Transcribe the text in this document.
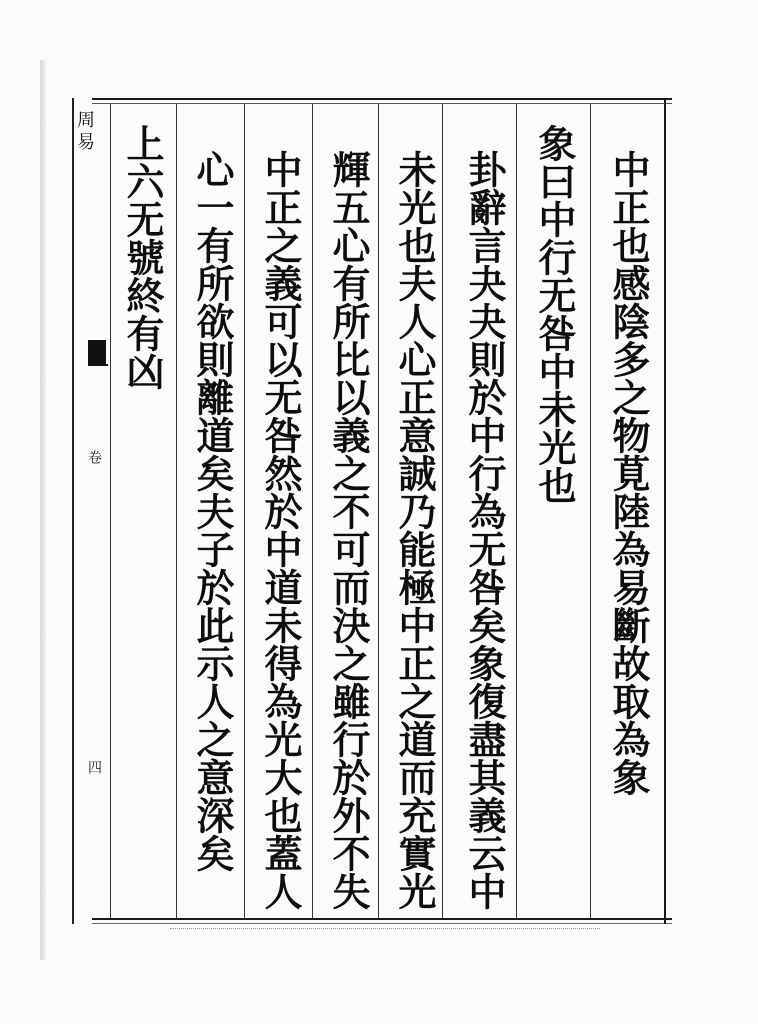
周易
卷
四	中正也感陰多之物莧陸為易斷故取為象
象曰中行无咎中未光也
卦辭言夬夬則於中行為无咎矣象復盡其義云中
未光也夫人心正意誠乃能極中正之道而充實光
輝五心有所比以義之不可而決之雖行於外不失
中正之義可以无咎然於中道未得為光大也蓋人
心一有所欲則離道矣夫子於此示人之意深矣
上六无號終有凶
